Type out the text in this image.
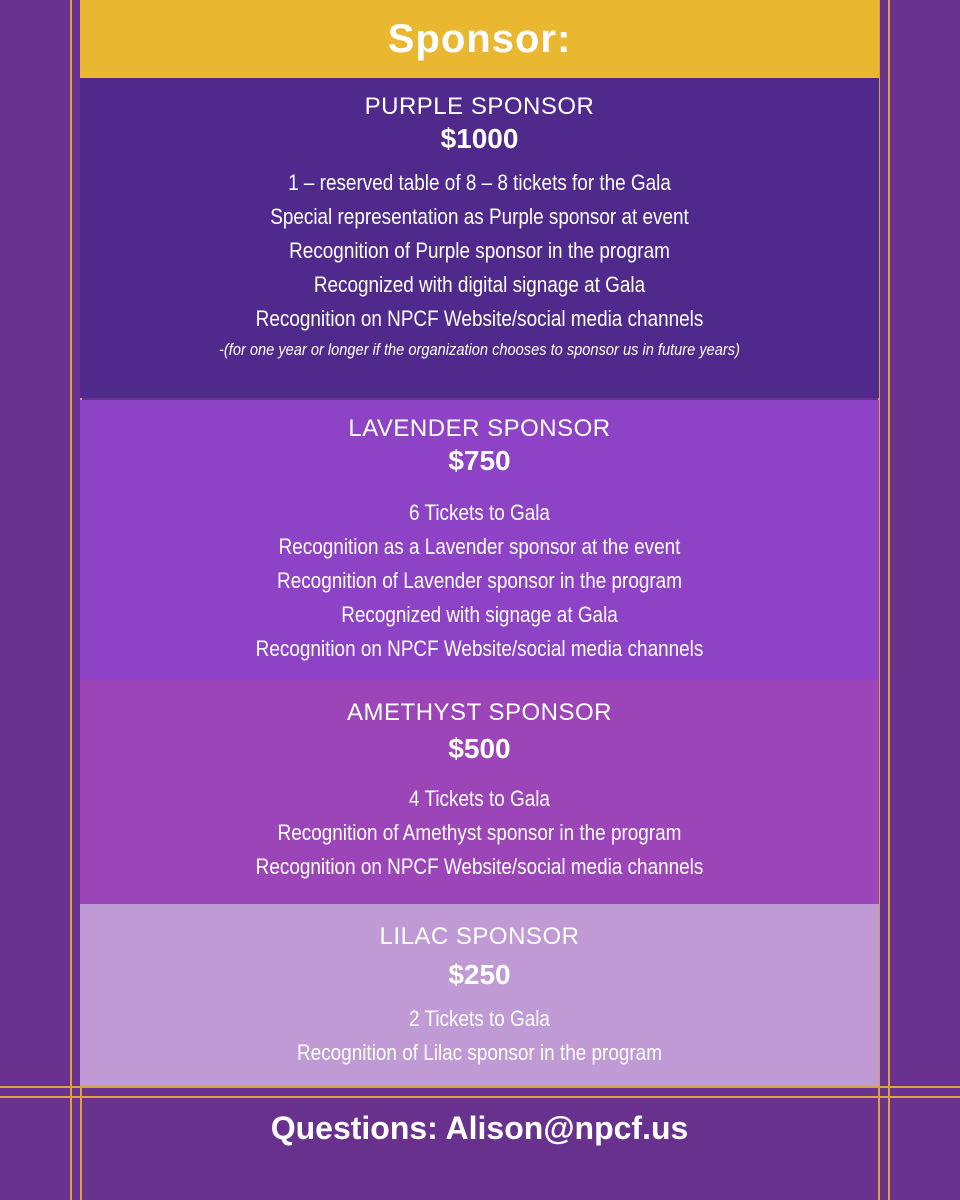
Sponsor:
PURPLE SPONSOR
$1000
1 – reserved table of 8 – 8 tickets for the Gala
Special representation as Purple sponsor at event
Recognition of Purple sponsor in the program
Recognized with digital signage at Gala
Recognition on NPCF Website/social media channels
-(for one year or longer if the organization chooses to sponsor us in future years)
LAVENDER SPONSOR
$750
6 Tickets to Gala
Recognition as a Lavender sponsor at the event
Recognition of Lavender sponsor in the program
Recognized with signage at Gala
Recognition on NPCF Website/social media channels
AMETHYST SPONSOR
$500
4 Tickets to Gala
Recognition of Amethyst sponsor in the program
Recognition on NPCF Website/social media channels
LILAC SPONSOR
$250
2 Tickets to Gala
Recognition of Lilac sponsor in the program
Questions: Alison@npcf.us
